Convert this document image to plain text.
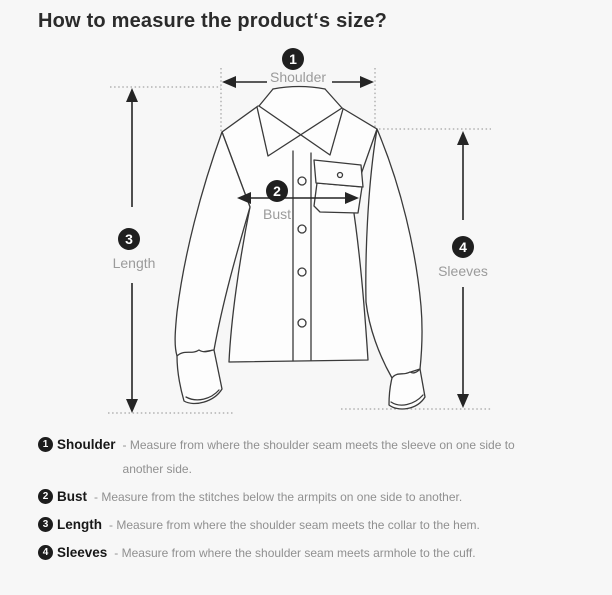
How to measure the product‘s size?
1
2
3	4
Shoulder
Bust
Length	Sleeves
1 Shoulder - Measure from where the shoulder seam meets the sleeve on one side to another side.
2 Bust - Measure from the stitches below the armpits on one side to another.
3 Length - Measure from where the shoulder seam meets the collar to the hem.
4 Sleeves - Measure from where the shoulder seam meets armhole to the cuff.
